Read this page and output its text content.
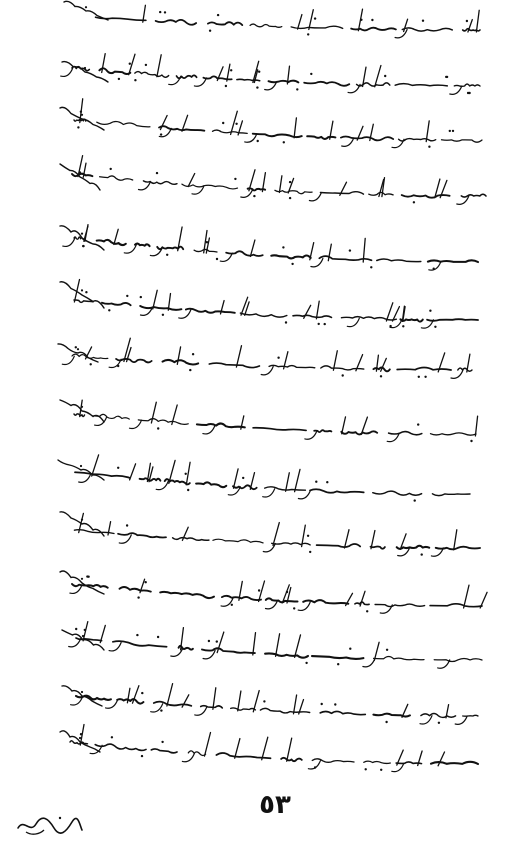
٥٣
